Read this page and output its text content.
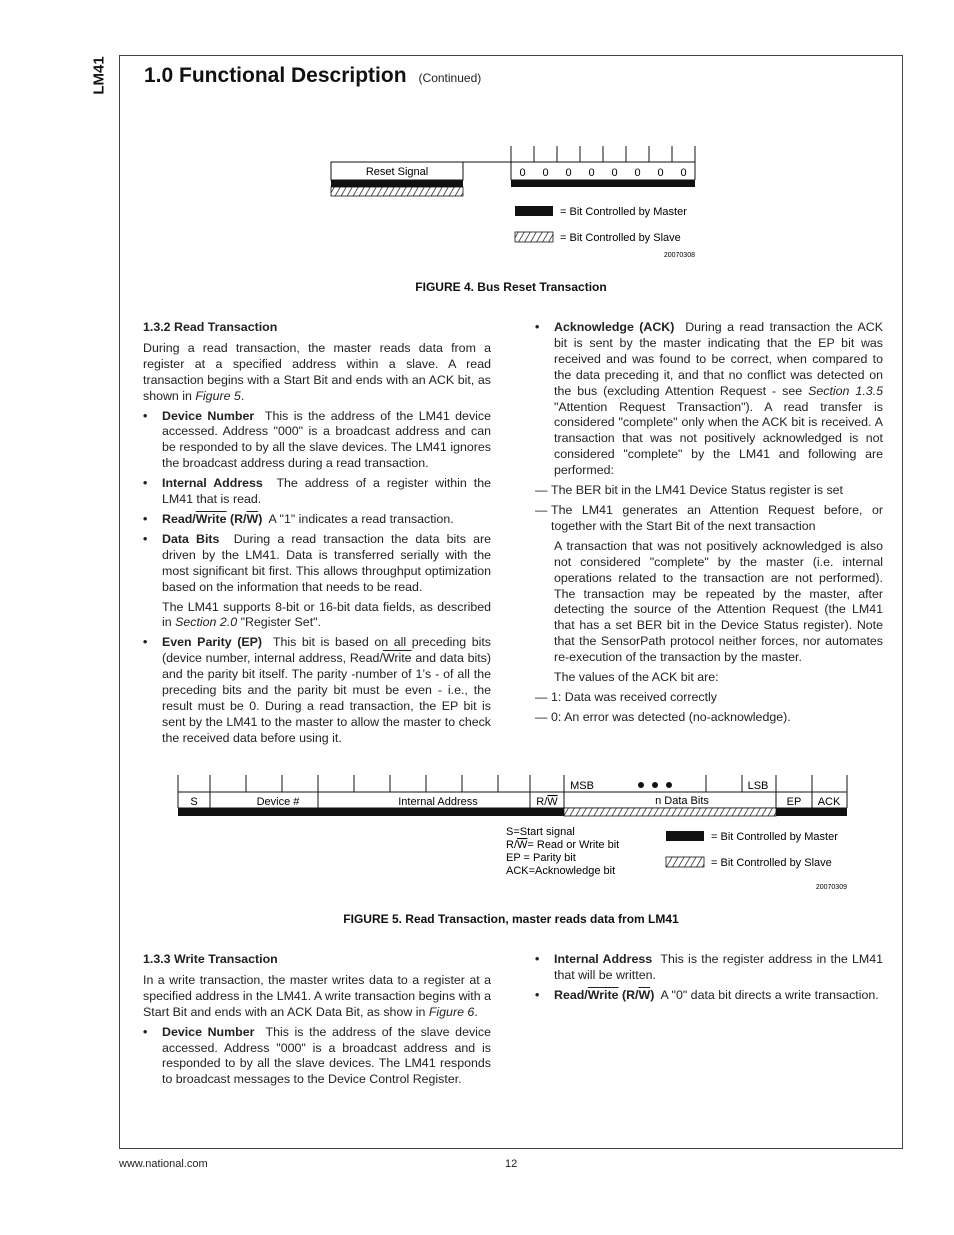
LM41 1.0 Functional Description (Continued)
Reset Signal	0 0 0 0 0 0 0 0
= Bit Controlled by Master
= Bit Controlled by Slave
20070308
FIGURE 4. Bus Reset Transaction
1.3.2 Read Transaction

During a read transaction, the master reads data from a register at a specified address within a slave. A read transaction begins with a Start Bit and ends with an ACK bit, as shown in Figure 5.

• Device Number This is the address of the LM41 device accessed. Address "000" is a broadcast address and can be responded to by all the slave devices. The LM41 ignores the broadcast address during a read transaction.
• Internal Address The address of a register within the LM41 that is read.
• Read/Write $(R/\overline{W})$ A "1" indicates a read transaction.

• Data Bits During a read transaction the data bits are driven by the LM41. Data is transferred serially with the most significant bit first. This allows throughput optimization based on the information that needs to be read.

The LM41 supports 8-bit or 16-bit data fields, as described in Section 2.0 "Register Set".

• Even Parity (EP) This bit is based on all preceding bits (device number, internal address, Read/Write and data bits) and the parity bit itself. The parity -number of 1’s - of all the preceding bits and the parity bit must be even - i.e., the result must be 0. During a read transaction, the EP bit is sent by the LM41 to the master to allow the master to check the received data before using it.

• Acknowledge (ACK) During a read transaction the ACK bit is sent by the master indicating that the EP bit was received and was found to be correct, when compared to the data preceding it, and that no conflict was detected on the bus (excluding Attention Request - see Section 1.3.5 "Attention Request Transaction"). A read transfer is considered "complete" only when the ACK bit is received. A transaction that was not positively acknowledged is not considered "complete" by the LM41 and following are performed:

— The BER bit in the LM41 Device Status register is set
— The LM41 generates an Attention Request before, or together with the Start Bit of the next transaction

A transaction that was not positively acknowledged is also not considered "complete" by the master (i.e. internal operations related to the transaction are not performed). The transaction may be repeated by the master, after detecting the source of the Attention Request (the LM41 that has a set BER bit in the Device Status register). Note that the SensorPath protocol neither forces, nor automates re-execution of the transaction by the master.

The values of the ACK bit are:

— 1: Data was received correctly
— 0: An error was detected (no-acknowledge).
S	Device #	Internal Address	R/W	n Data Bits	EP ACK
MSB	LSB
S=Start signal
R/W= Read or Write bit
EP = Parity bit
ACK=Acknowledge bit
= Bit Controlled by Master
= Bit Controlled by Slave
20070309
FIGURE 5. Read Transaction, master reads data from LM41
1.3.3 Write Transaction

In a write transaction, the master writes data to a register at a specified address in the LM41. A write transaction begins with a Start Bit and ends with an ACK Data Bit, as show in Figure 6.

• Device Number This is the address of the slave device accessed. Address "000" is a broadcast address and is responded to by all the slave devices. The LM41 responds to broadcast messages to the Device Control Register.
• Internal Address This is the register address in the LM41 that will be written.
• Read/Write $(R/\overline{W})$ A "0" data bit directs a write transaction.
www.national.com	12
